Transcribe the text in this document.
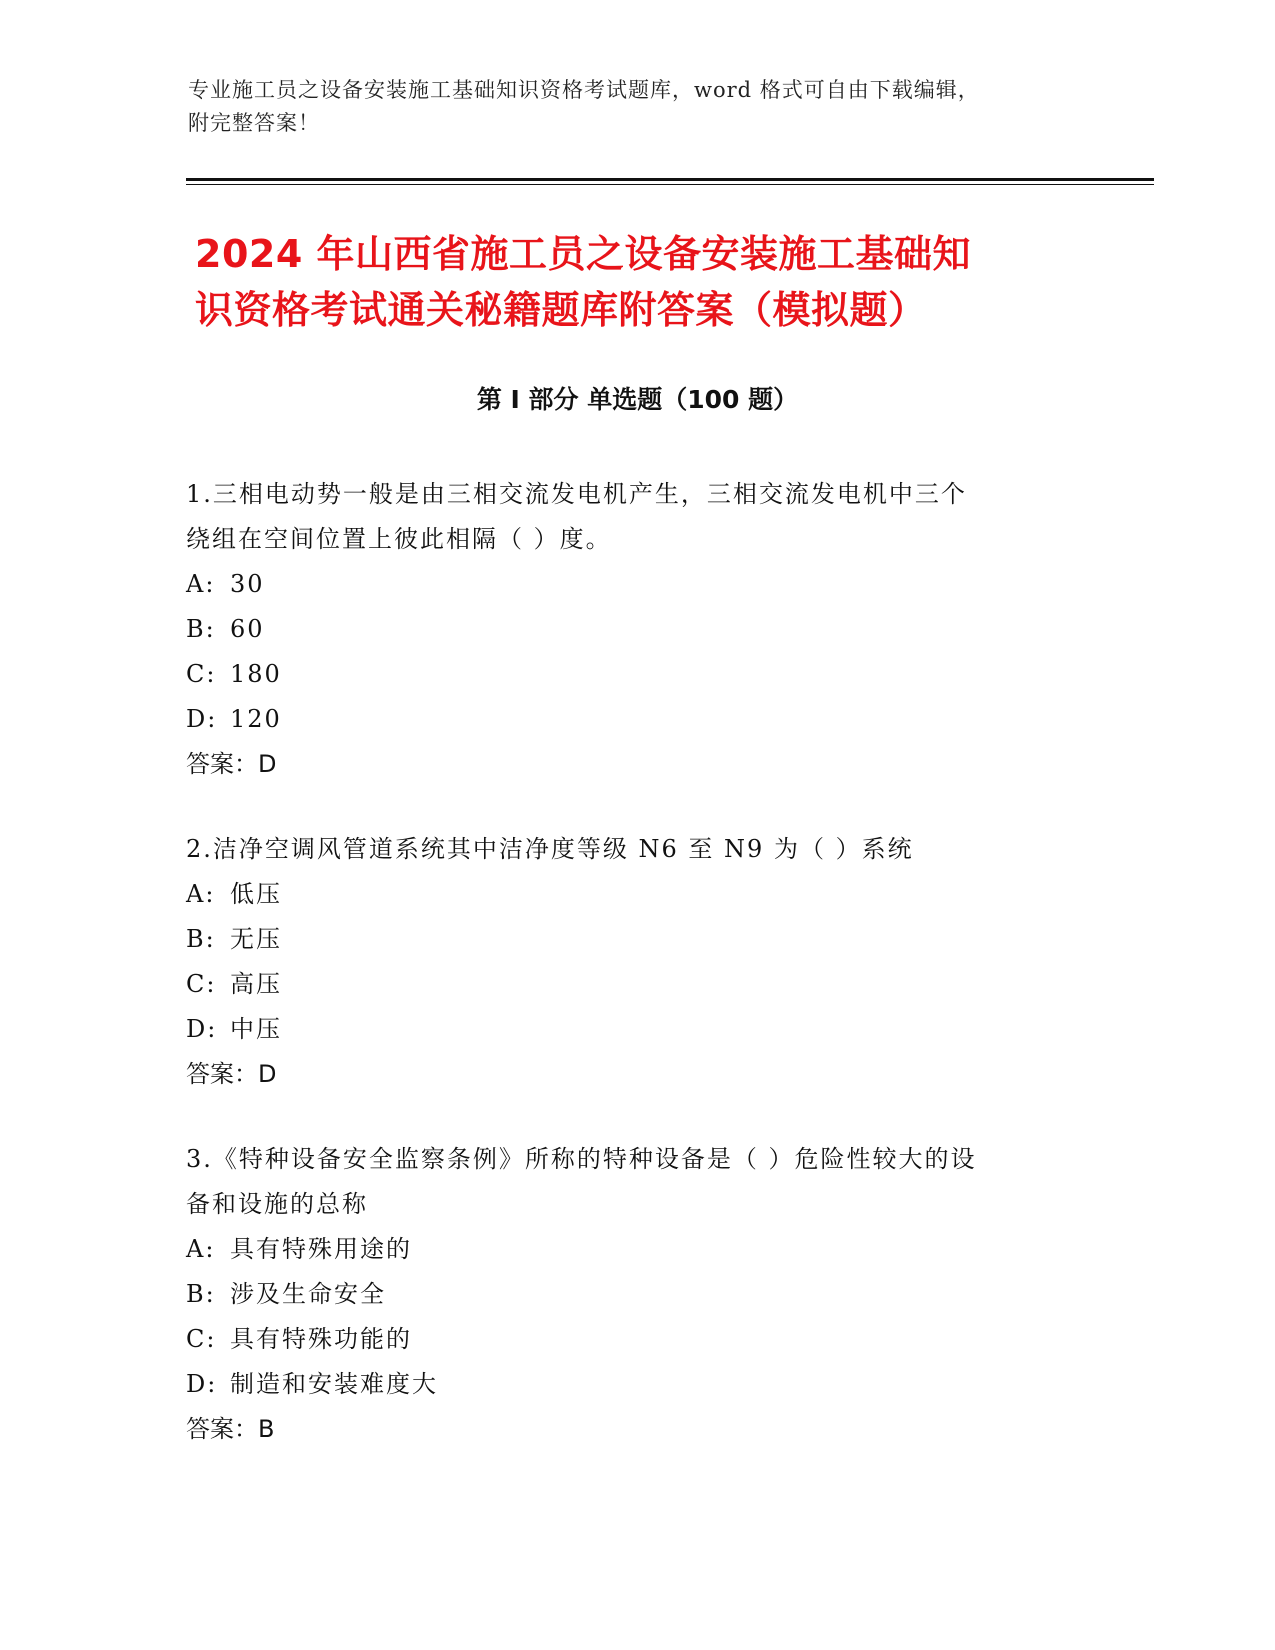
专业施工员之设备安装施工基础知识资格考试题库，word 格式可自由下载编辑，
附完整答案！
2024 年山西省施工员之设备安装施工基础知
识资格考试通关秘籍题库附答案（模拟题）
第 I 部分 单选题（100 题）

1.三相电动势一般是由三相交流发电机产生，三相交流发电机中三个
绕组在空间位置上彼此相隔（ ）度。

A: 30

B: 60

C: 180

D: 120

答案：D

2.洁净空调风管道系统其中洁净度等级 N6 至 N9 为（ ）系统

A: 低压

B: 无压

C: 高压

D: 中压

答案：D

3.《特种设备安全监察条例》所称的特种设备是（ ）危险性较大的设
备和设施的总称

A: 具有特殊用途的

B: 涉及生命安全

C: 具有特殊功能的

D: 制造和安装难度大

答案：B
